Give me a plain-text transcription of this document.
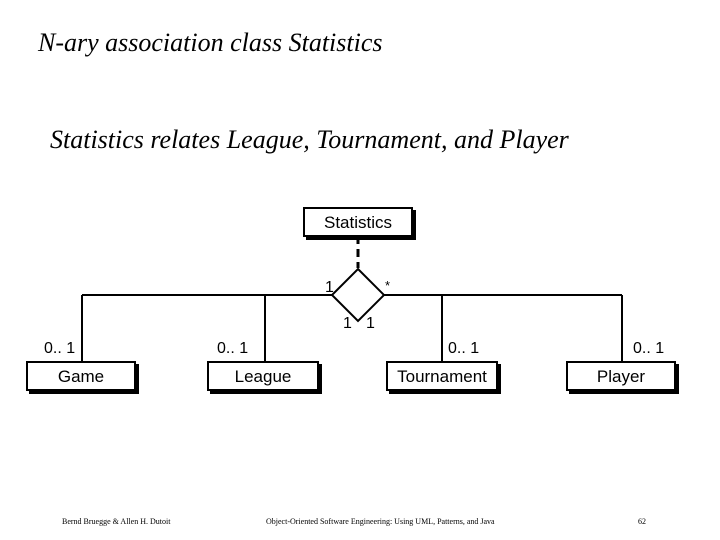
N-ary association class Statistics
Statistics relates League, Tournament, and Player
Statistics
1	*
1 1
0.. 1	0.. 1	0.. 1	0.. 1
Game	League	Tournament	Player
Bernd Bruegge & Allen H. Dutoit	Object-Oriented Software Engineering: Using UML, Patterns, and Java	62
